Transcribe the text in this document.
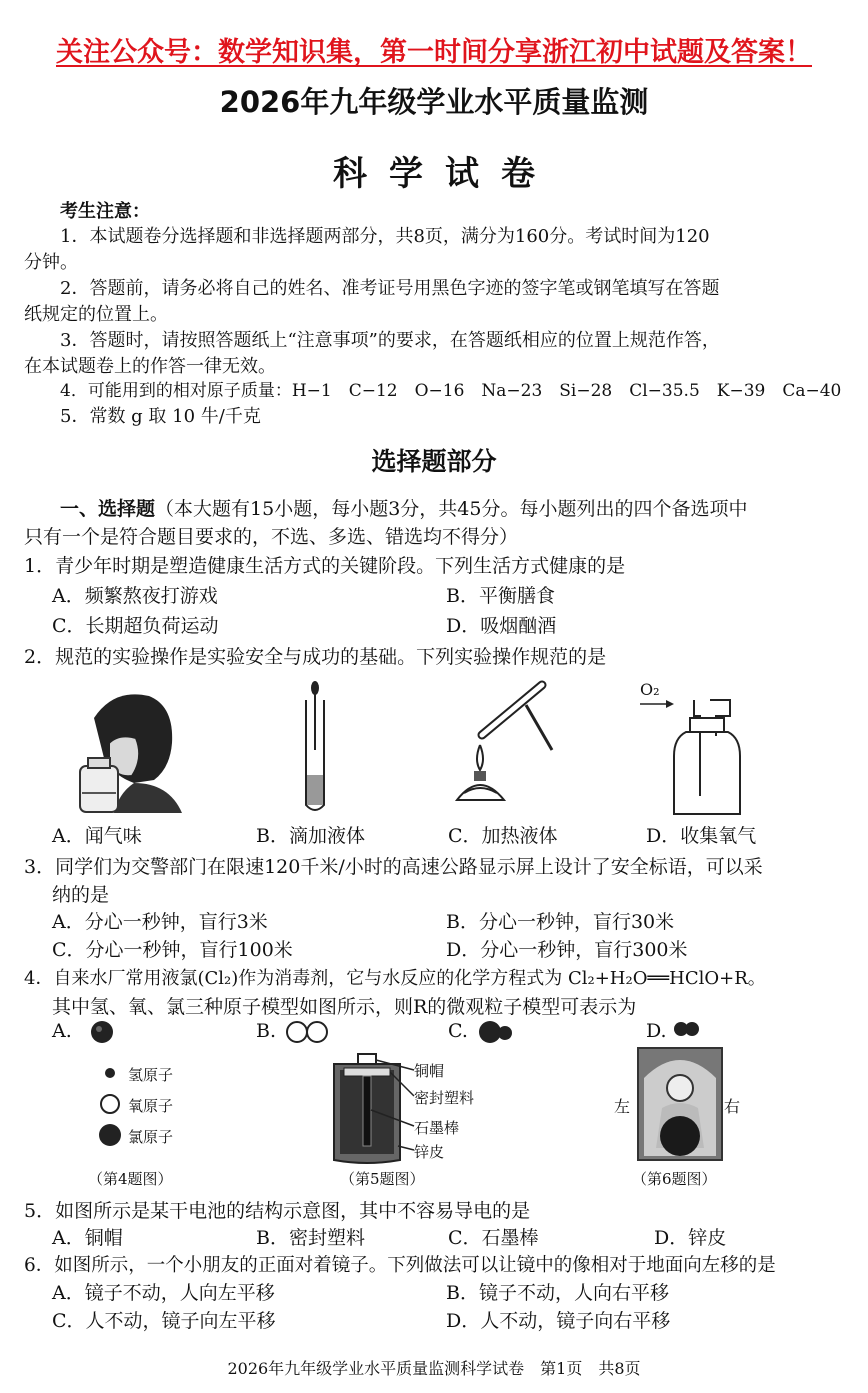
关注公众号：数学知识集，第一时间分享浙江初中试题及答案！
2026年九年级学业水平质量监测
科学试卷
考生注意：
1．本试题卷分选择题和非选择题两部分，共8页，满分为160分。考试时间为120
分钟。
2．答题前，请务必将自己的姓名、准考证号用黑色字迹的签字笔或钢笔填写在答题
纸规定的位置上。
3．答题时，请按照答题纸上“注意事项”的要求，在答题纸相应的位置上规范作答，
在本试题卷上的作答一律无效。
4．可能用到的相对原子质量：H−1　C−12　O−16　Na−23　Si−28　Cl−35.5　K−39　Ca−40
5．常数 g 取 10 牛/千克
选择题部分
一、选择题（本大题有15小题，每小题3分，共45分。每小题列出的四个备选项中
只有一个是符合题目要求的，不选、多选、错选均不得分）
1．青少年时期是塑造健康生活方式的关键阶段。下列生活方式健康的是
A．频繁熬夜打游戏	B．平衡膳食
C．长期超负荷运动	D．吸烟酗酒
2．规范的实验操作是实验安全与成功的基础。下列实验操作规范的是
O₂
A．闻气味	B．滴加液体	C．加热液体	D．收集氧气
3．同学们为交警部门在限速120千米/小时的高速公路显示屏上设计了安全标语，可以采
纳的是
A．分心一秒钟，盲行3米	B．分心一秒钟，盲行30米
C．分心一秒钟，盲行100米	D．分心一秒钟，盲行300米
4．自来水厂常用液氯(Cl₂)作为消毒剂，它与水反应的化学方程式为 Cl₂+H₂O══HClO+R。
其中氢、氧、氯三种原子模型如图所示，则R的微观粒子模型可表示为
A.	B.	C.	D.
氢原子
氧原子
氯原子
（第4题图）
铜帽
密封塑料
石墨棒
锌皮
（第5题图）
左	右
（第6题图）
5．如图所示是某干电池的结构示意图，其中不容易导电的是
A．铜帽	B．密封塑料	C．石墨棒	D．锌皮
6．如图所示，一个小朋友的正面对着镜子。下列做法可以让镜中的像相对于地面向左移的是
A．镜子不动，人向左平移	B．镜子不动，人向右平移
C．人不动，镜子向左平移	D．人不动，镜子向右平移
2026年九年级学业水平质量监测科学试卷　第1页　共8页
